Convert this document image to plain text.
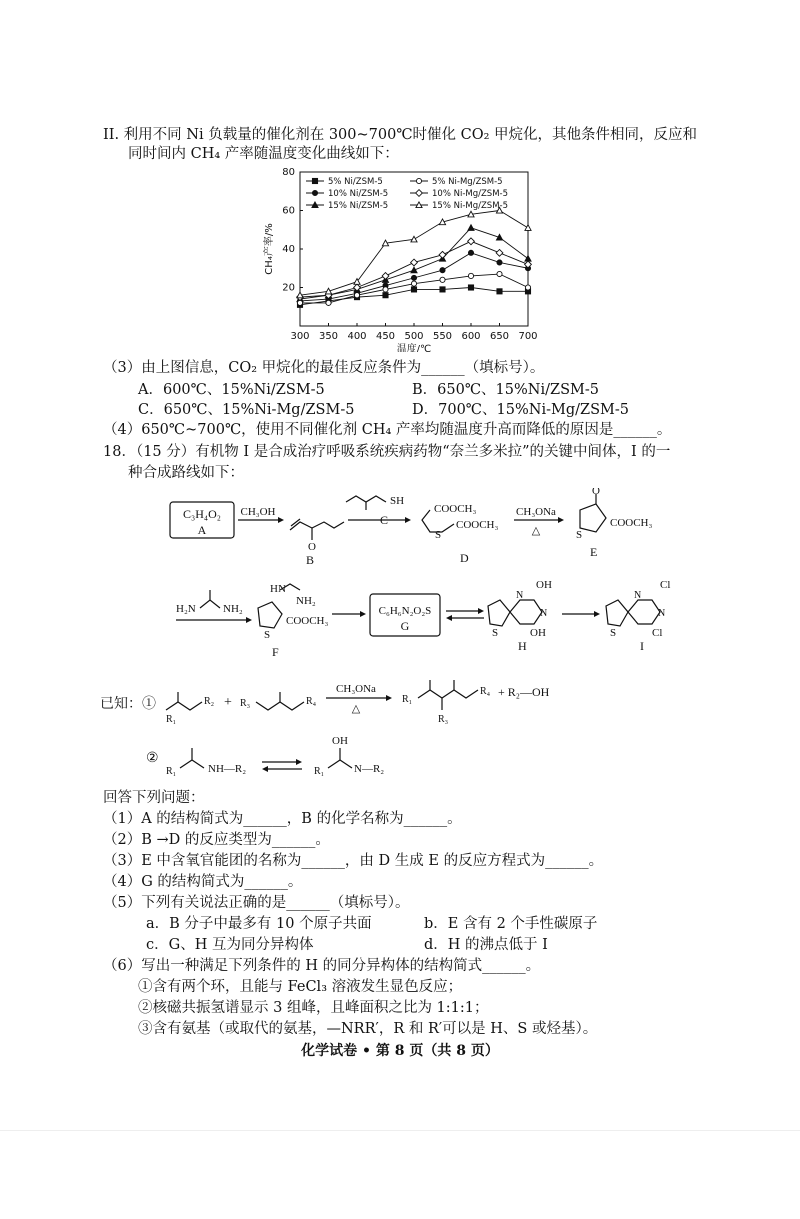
II. 利用不同 Ni 负载量的催化剂在 300~700℃时催化 CO₂ 甲烷化，其他条件相同，反应和
同时间内 CH₄ 产率随温度变化曲线如下：
300 350 400 450 500 550 600 650 700
20
40
60
80
温度/℃
CH₄产率/%
5% Ni/ZSM-5
10% Ni/ZSM-5
15% Ni/ZSM-5
5% Ni-Mg/ZSM-5
10% Ni-Mg/ZSM-5
15% Ni-Mg/ZSM-5
（3）由上图信息，CO₂ 甲烷化的最佳反应条件为______（填标号）。
A．600℃、15%Ni/ZSM-5	B．650℃、15%Ni/ZSM-5
C．650℃、15%Ni-Mg/ZSM-5	D．700℃、15%Ni-Mg/ZSM-5
（4）650℃~700℃，使用不同催化剂 CH₄ 产率均随温度升高而降低的原因是______。
18．（15 分）有机物 I 是合成治疗呼吸系统疾病药物“奈兰多米拉”的关键中间体，I 的一
种合成路线如下：
C₃H₄O₂
A
CH₃OH
O
B
SH
C
S
COOCH₃
COOCH₃
D
CH₃ONa
△
O
S
COOCH₃
E
H₂N NH₂
S
HN
NH₂
COOCH₃
F
C₆H₆N₂O₂S
G	S
N
N
OH
OH
H
S
N
N
Cl
Cl
I
已知：①
R₁
R₂ + R₃	R₄
CH₃ONa
△
R₁
R₃
R₄ + R₂—OH
②
R₁	NH—R₂	R₁
OH
N—R₂
回答下列问题：
（1）A 的结构简式为______，B 的化学名称为______。
（2）B →D 的反应类型为______。
（3）E 中含氧官能团的名称为______，由 D 生成 E 的反应方程式为______。
（4）G 的结构简式为______。
（5）下列有关说法正确的是______（填标号）。
a．B 分子中最多有 10 个原子共面	b．E 含有 2 个手性碳原子
c．G、H 互为同分异构体	d．H 的沸点低于 I
（6）写出一种满足下列条件的 H 的同分异构体的结构简式______。
①含有两个环，且能与 FeCl₃ 溶液发生显色反应；
②核磁共振氢谱显示 3 组峰，且峰面积之比为 1:1:1；
③含有氨基（或取代的氨基，—NRR′，R 和 R′可以是 H、S 或烃基）。
化学试卷 • 第 8 页（共 8 页）
